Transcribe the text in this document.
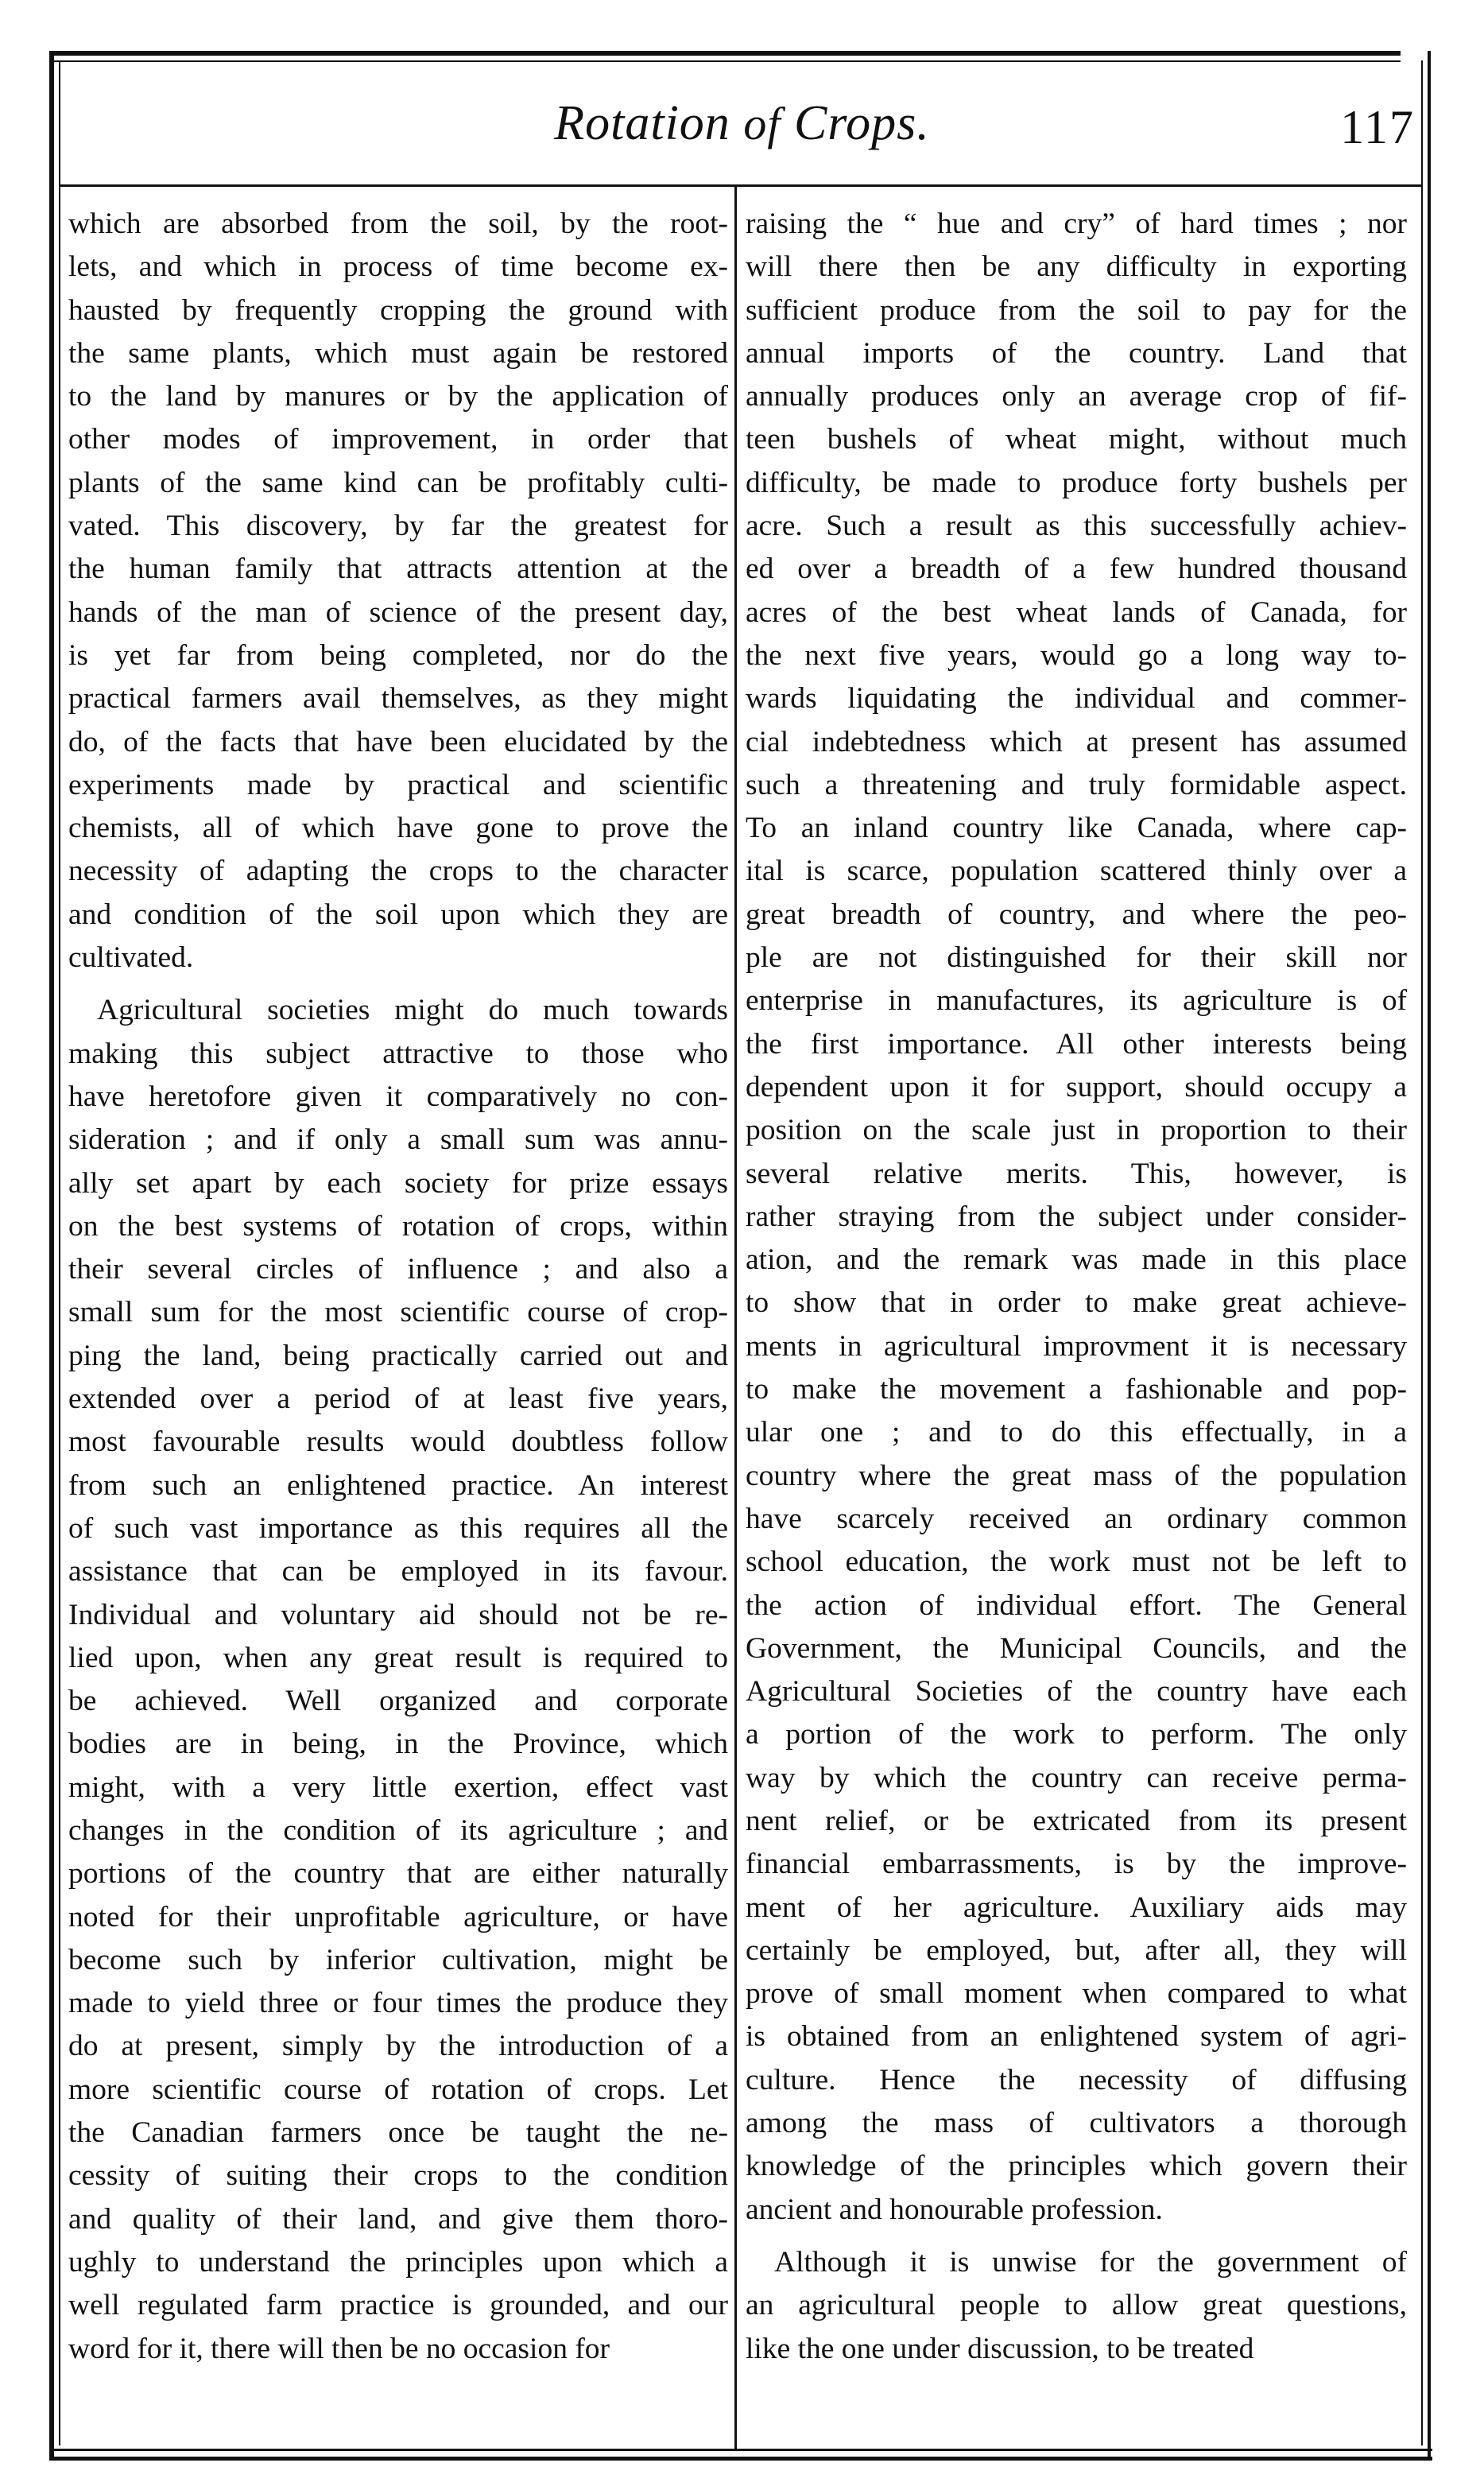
Rotation of Crops.	117

which are absorbed from the soil, by the root-
lets, and which in process of time become ex-
hausted by frequently cropping the ground with
the same plants, which must again be restored
to the land by manures or by the application of
other modes of improvement, in order that
plants of the same kind can be profitably culti-
vated. This discovery, by far the greatest for
the human family that attracts attention at the
hands of the man of science of the present day,
is yet far from being completed, nor do the
practical farmers avail themselves, as they might
do, of the facts that have been elucidated by the
experiments made by practical and scientific
chemists, all of which have gone to prove the
necessity of adapting the crops to the character
and condition of the soil upon which they are
cultivated.

Agricultural societies might do much towards
making this subject attractive to those who
have heretofore given it comparatively no con-
sideration ; and if only a small sum was annu-
ally set apart by each society for prize essays
on the best systems of rotation of crops, within
their several circles of influence ; and also a
small sum for the most scientific course of crop-
ping the land, being practically carried out and
extended over a period of at least five years,
most favourable results would doubtless follow
from such an enlightened practice. An interest
of such vast importance as this requires all the
assistance that can be employed in its favour.
Individual and voluntary aid should not be re-
lied upon, when any great result is required to
be achieved. Well organized and corporate
bodies are in being, in the Province, which
might, with a very little exertion, effect vast
changes in the condition of its agriculture ; and
portions of the country that are either naturally
noted for their unprofitable agriculture, or have
become such by inferior cultivation, might be
made to yield three or four times the produce they
do at present, simply by the introduction of a
more scientific course of rotation of crops. Let
the Canadian farmers once be taught the ne-
cessity of suiting their crops to the condition
and quality of their land, and give them thoro-
ughly to understand the principles upon which a
well regulated farm practice is grounded, and our
word for it, there will then be no occasion for

raising the “ hue and cry” of hard times ; nor
will there then be any difficulty in exporting
sufficient produce from the soil to pay for the
annual imports of the country. Land that
annually produces only an average crop of fif-
teen bushels of wheat might, without much
difficulty, be made to produce forty bushels per
acre. Such a result as this successfully achiev-
ed over a breadth of a few hundred thousand
acres of the best wheat lands of Canada, for
the next five years, would go a long way to-
wards liquidating the individual and commer-
cial indebtedness which at present has assumed
such a threatening and truly formidable aspect.
To an inland country like Canada, where cap-
ital is scarce, population scattered thinly over a
great breadth of country, and where the peo-
ple are not distinguished for their skill nor
enterprise in manufactures, its agriculture is of
the first importance. All other interests being
dependent upon it for support, should occupy a
position on the scale just in proportion to their
several relative merits. This, however, is
rather straying from the subject under consider-
ation, and the remark was made in this place
to show that in order to make great achieve-
ments in agricultural improvment it is necessary
to make the movement a fashionable and pop-
ular one ; and to do this effectually, in a
country where the great mass of the population
have scarcely received an ordinary common
school education, the work must not be left to
the action of individual effort. The General
Government, the Municipal Councils, and the
Agricultural Societies of the country have each
a portion of the work to perform. The only
way by which the country can receive perma-
nent relief, or be extricated from its present
financial embarrassments, is by the improve-
ment of her agriculture. Auxiliary aids may
certainly be employed, but, after all, they will
prove of small moment when compared to what
is obtained from an enlightened system of agri-
culture. Hence the necessity of diffusing
among the mass of cultivators a thorough
knowledge of the principles which govern their
ancient and honourable profession.

Although it is unwise for the government of
an agricultural people to allow great questions,
like the one under discussion, to be treated
